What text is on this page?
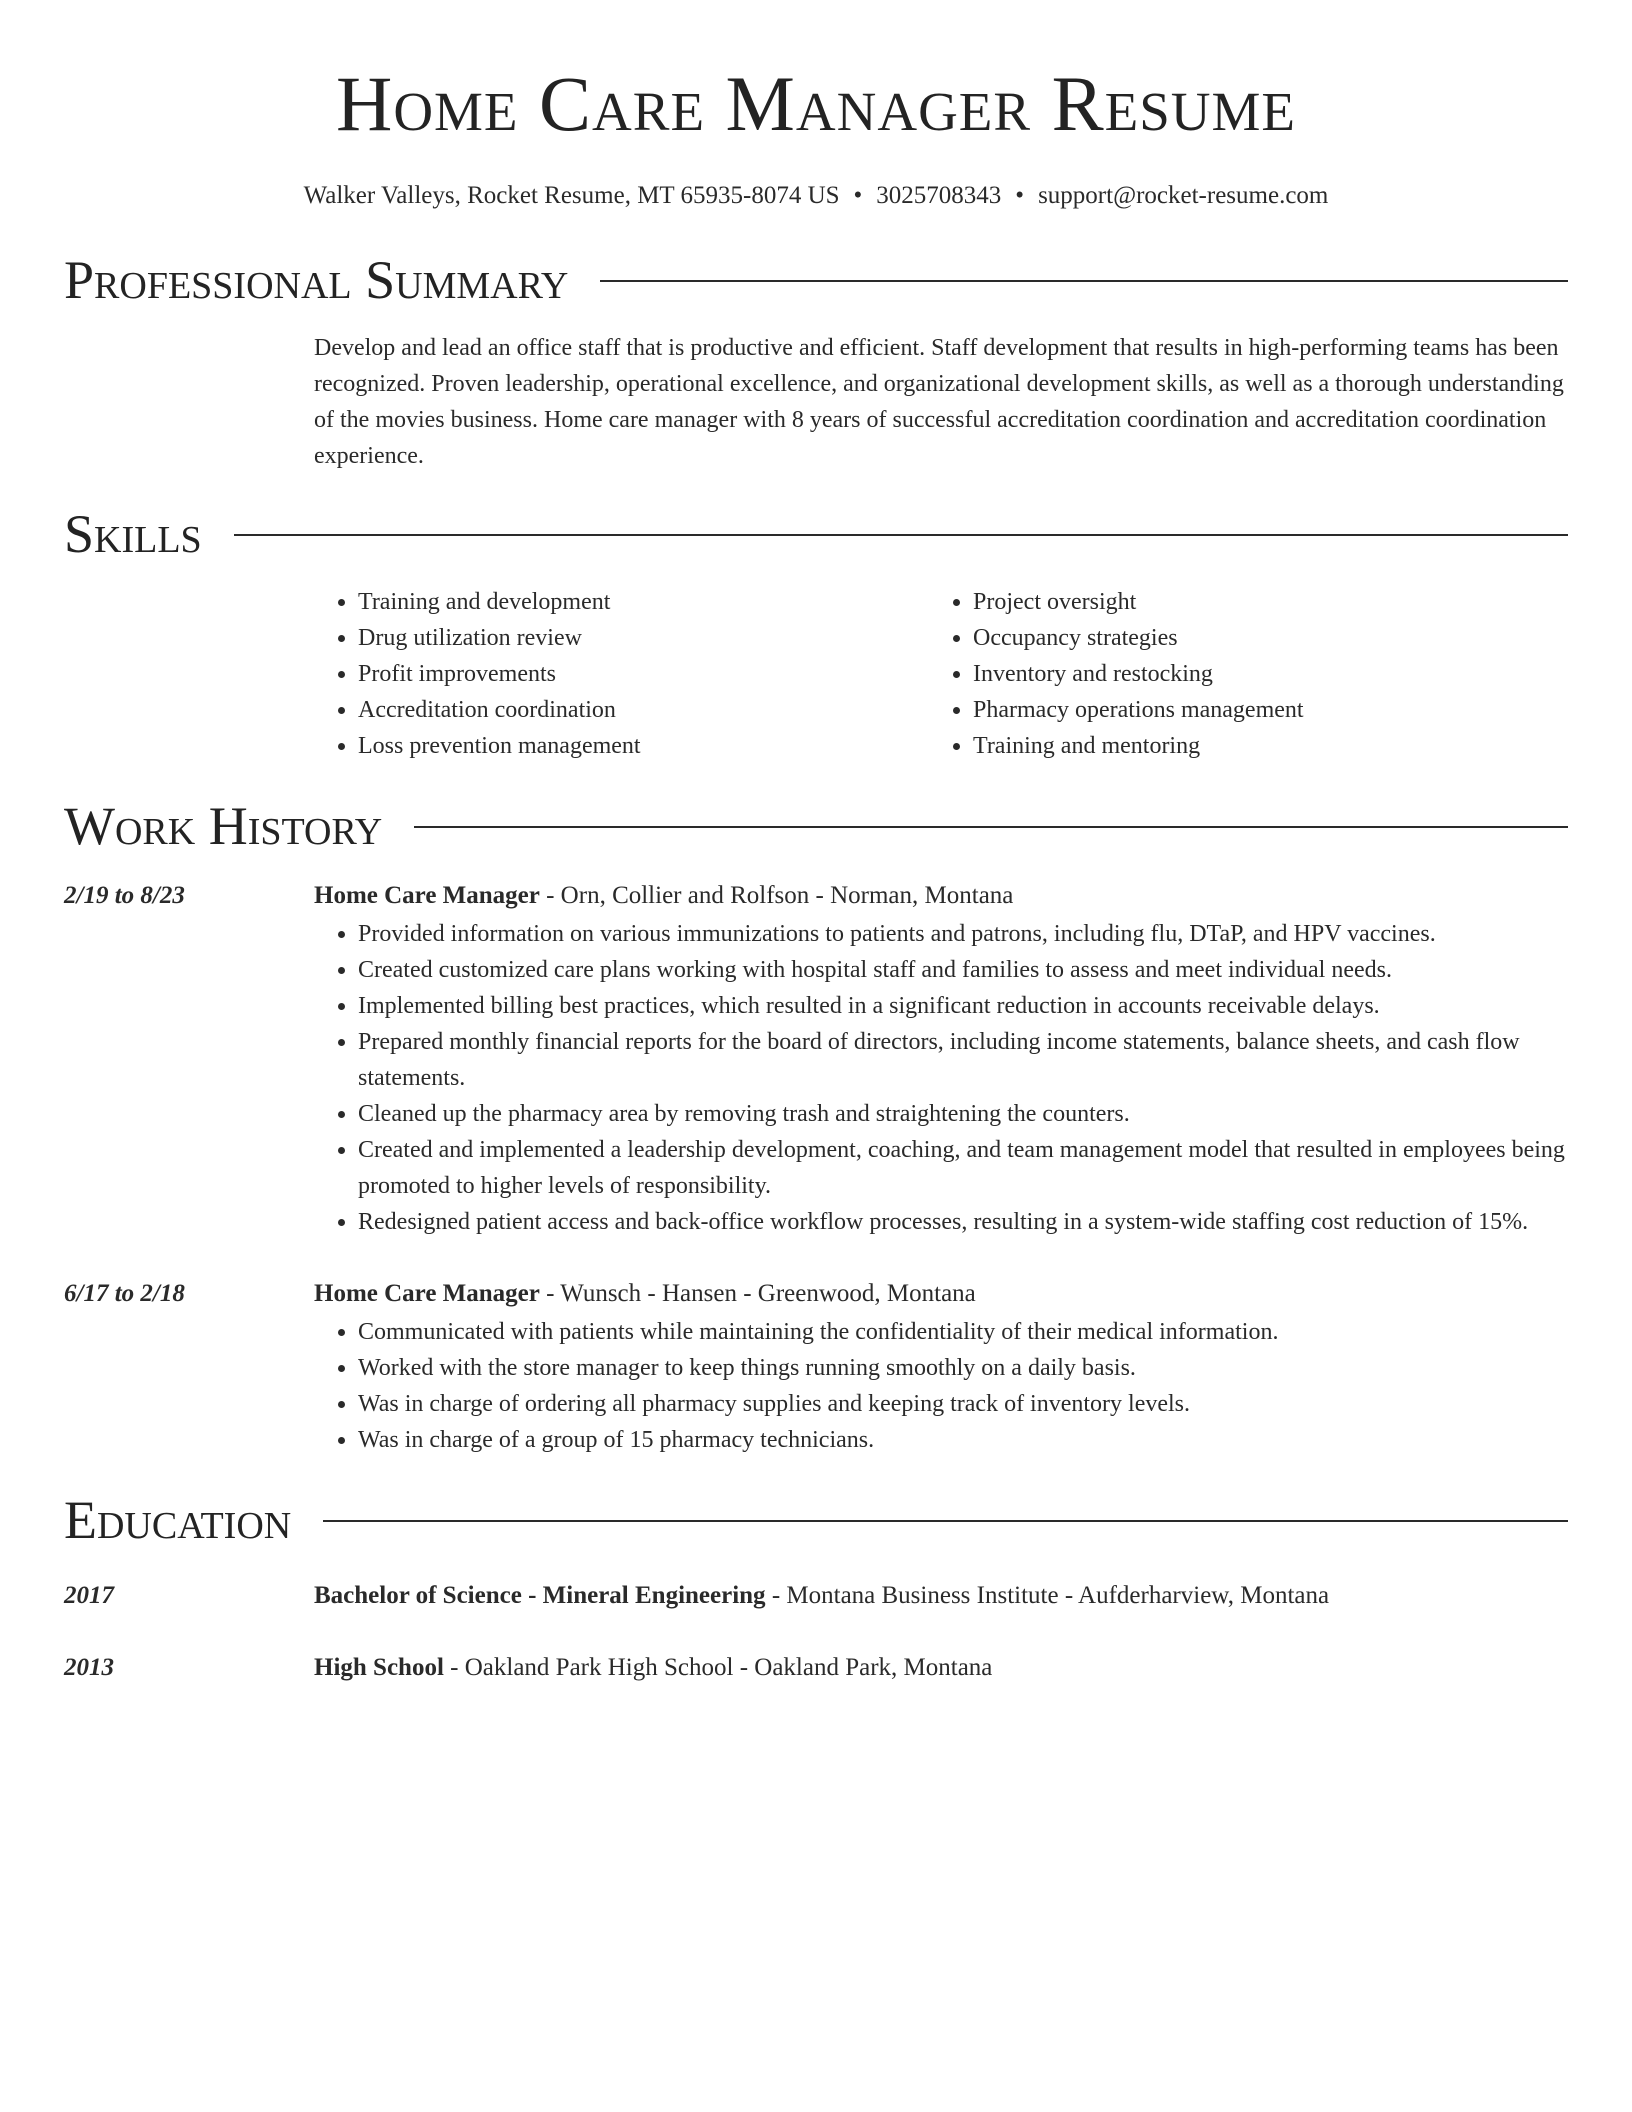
Home Care Manager Resume
Walker Valleys, Rocket Resume, MT 65935-8074 US • 3025708343 • support@rocket-resume.com
Professional Summary
Develop and lead an office staff that is productive and efficient. Staff development that results in high-performing teams has been recognized. Proven leadership, operational excellence, and organizational development skills, as well as a thorough understanding of the movies business. Home care manager with 8 years of successful accreditation coordination and accreditation coordination experience.
Skills
• Training and development
• Drug utilization review
• Profit improvements
• Accreditation coordination
• Loss prevention management
• Project oversight
• Occupancy strategies
• Inventory and restocking
• Pharmacy operations management
• Training and mentoring
Work History
2/19 to 8/23	Home Care Manager - Orn, Collier and Rolfson - Norman, Montana
• Provided information on various immunizations to patients and patrons, including flu, DTaP, and HPV vaccines.
• Created customized care plans working with hospital staff and families to assess and meet individual needs.
• Implemented billing best practices, which resulted in a significant reduction in accounts receivable delays.
• Prepared monthly financial reports for the board of directors, including income statements, balance sheets, and cash flow statements.
• Cleaned up the pharmacy area by removing trash and straightening the counters.
• Created and implemented a leadership development, coaching, and team management model that resulted in employees being promoted to higher levels of responsibility.
• Redesigned patient access and back-office workflow processes, resulting in a system-wide staffing cost reduction of 15%.
6/17 to 2/18	Home Care Manager - Wunsch - Hansen - Greenwood, Montana
• Communicated with patients while maintaining the confidentiality of their medical information.
• Worked with the store manager to keep things running smoothly on a daily basis.
• Was in charge of ordering all pharmacy supplies and keeping track of inventory levels.
• Was in charge of a group of 15 pharmacy technicians.
Education
2017	Bachelor of Science - Mineral Engineering - Montana Business Institute - Aufderharview, Montana
2013	High School - Oakland Park High School - Oakland Park, Montana
